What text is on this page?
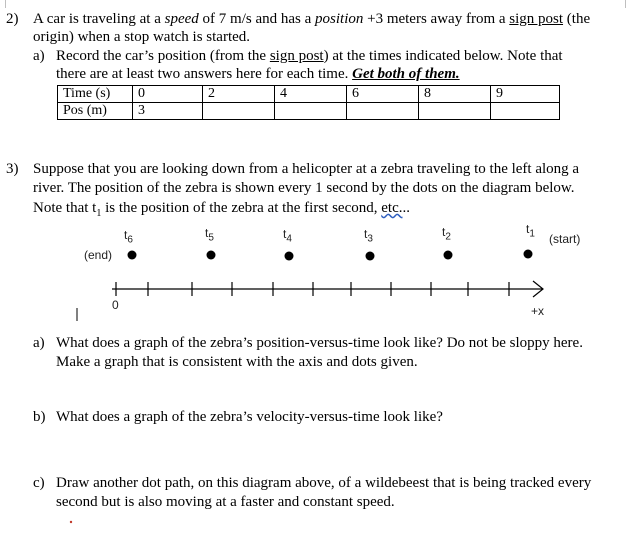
2) A car is traveling at a speed of 7 m/s and has a position +3 meters away from a sign post (the
origin) when a stop watch is started.
a) Record the car’s position (from the sign post) at the times indicated below. Note that
there are at least two answers here for each time. Get both of them.
Time (s)	0	2	4	6	8	9
Pos (m)	3					
3) Suppose that you are looking down from a helicopter at a zebra traveling to the left along a
river. The position of the zebra is shown every 1 second by the dots on the diagram below.
Note that $t_1$ is the position of the zebra at the first second, etc...
$t_6$	$t_5$	$t_4$	$t_3$	$t_2$
$t_1$
(end)
(start)
0	+x
a) What does a graph of the zebra’s position-versus-time look like? Do not be sloppy here.
Make a graph that is consistent with the axis and dots given.
b) What does a graph of the zebra’s velocity-versus-time look like?
c) Draw another dot path, on this diagram above, of a wildebeest that is being tracked every
second but is also moving at a faster and constant speed.
